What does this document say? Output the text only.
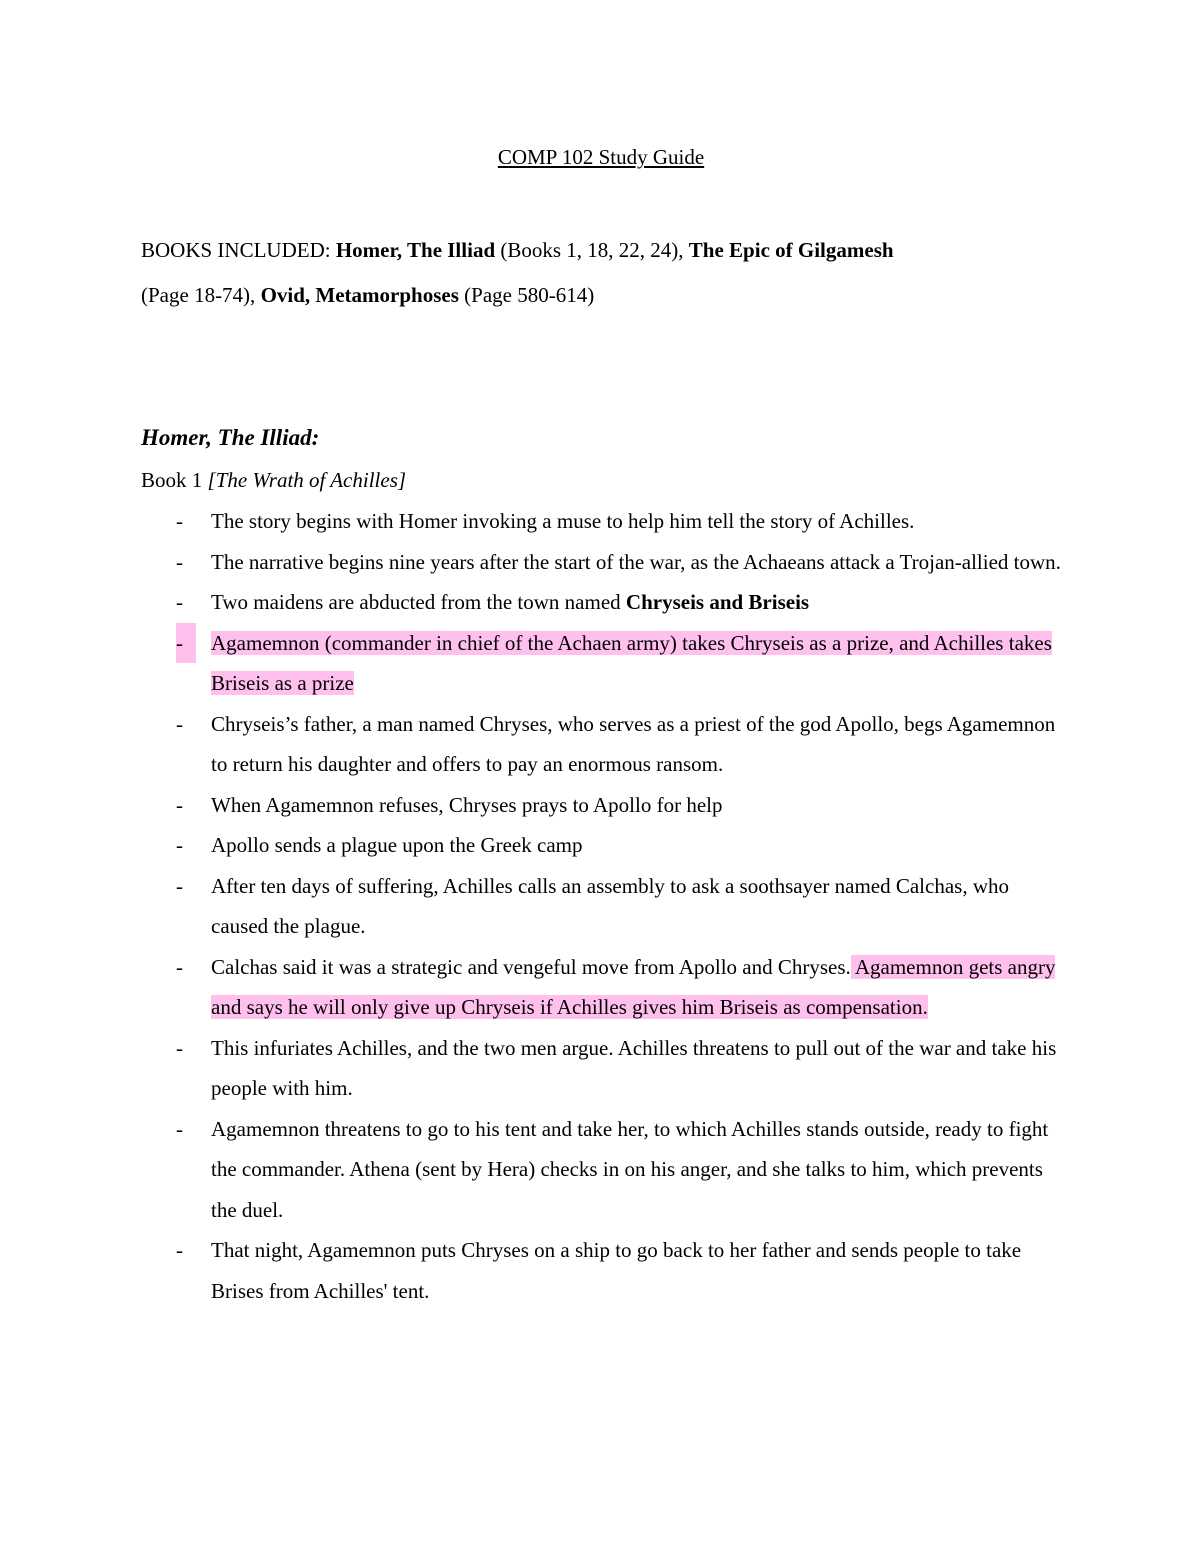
COMP 102 Study Guide

BOOKS INCLUDED: Homer, The Illiad (Books 1, 18, 22, 24), The Epic of Gilgamesh
(Page 18-74), Ovid, Metamorphoses (Page 580-614)
Homer, The Illiad:
Book 1 [The Wrath of Achilles]
-	The story begins with Homer invoking a muse to help him tell the story of Achilles.
-	The narrative begins nine years after the start of the war, as the Achaeans attack a Trojan-allied town.
-	Two maidens are abducted from the town named Chryseis and Briseis
-	Agamemnon (commander in chief of the Achaen army) takes Chryseis as a prize, and Achilles takes Briseis as a prize
-	Chryseis’s father, a man named Chryses, who serves as a priest of the god Apollo, begs Agamemnon to return his daughter and offers to pay an enormous ransom.
-	When Agamemnon refuses, Chryses prays to Apollo for help
-	Apollo sends a plague upon the Greek camp
-	After ten days of suffering, Achilles calls an assembly to ask a soothsayer named Calchas, who caused the plague.
-	Calchas said it was a strategic and vengeful move from Apollo and Chryses. Agamemnon gets angry and says he will only give up Chryseis if Achilles gives him Briseis as compensation.
-	This infuriates Achilles, and the two men argue. Achilles threatens to pull out of the war and take his people with him.
-	Agamemnon threatens to go to his tent and take her, to which Achilles stands outside, ready to fight the commander. Athena (sent by Hera) checks in on his anger, and she talks to him, which prevents the duel.
-	That night, Agamemnon puts Chryses on a ship to go back to her father and sends people to take Brises from Achilles' tent.
